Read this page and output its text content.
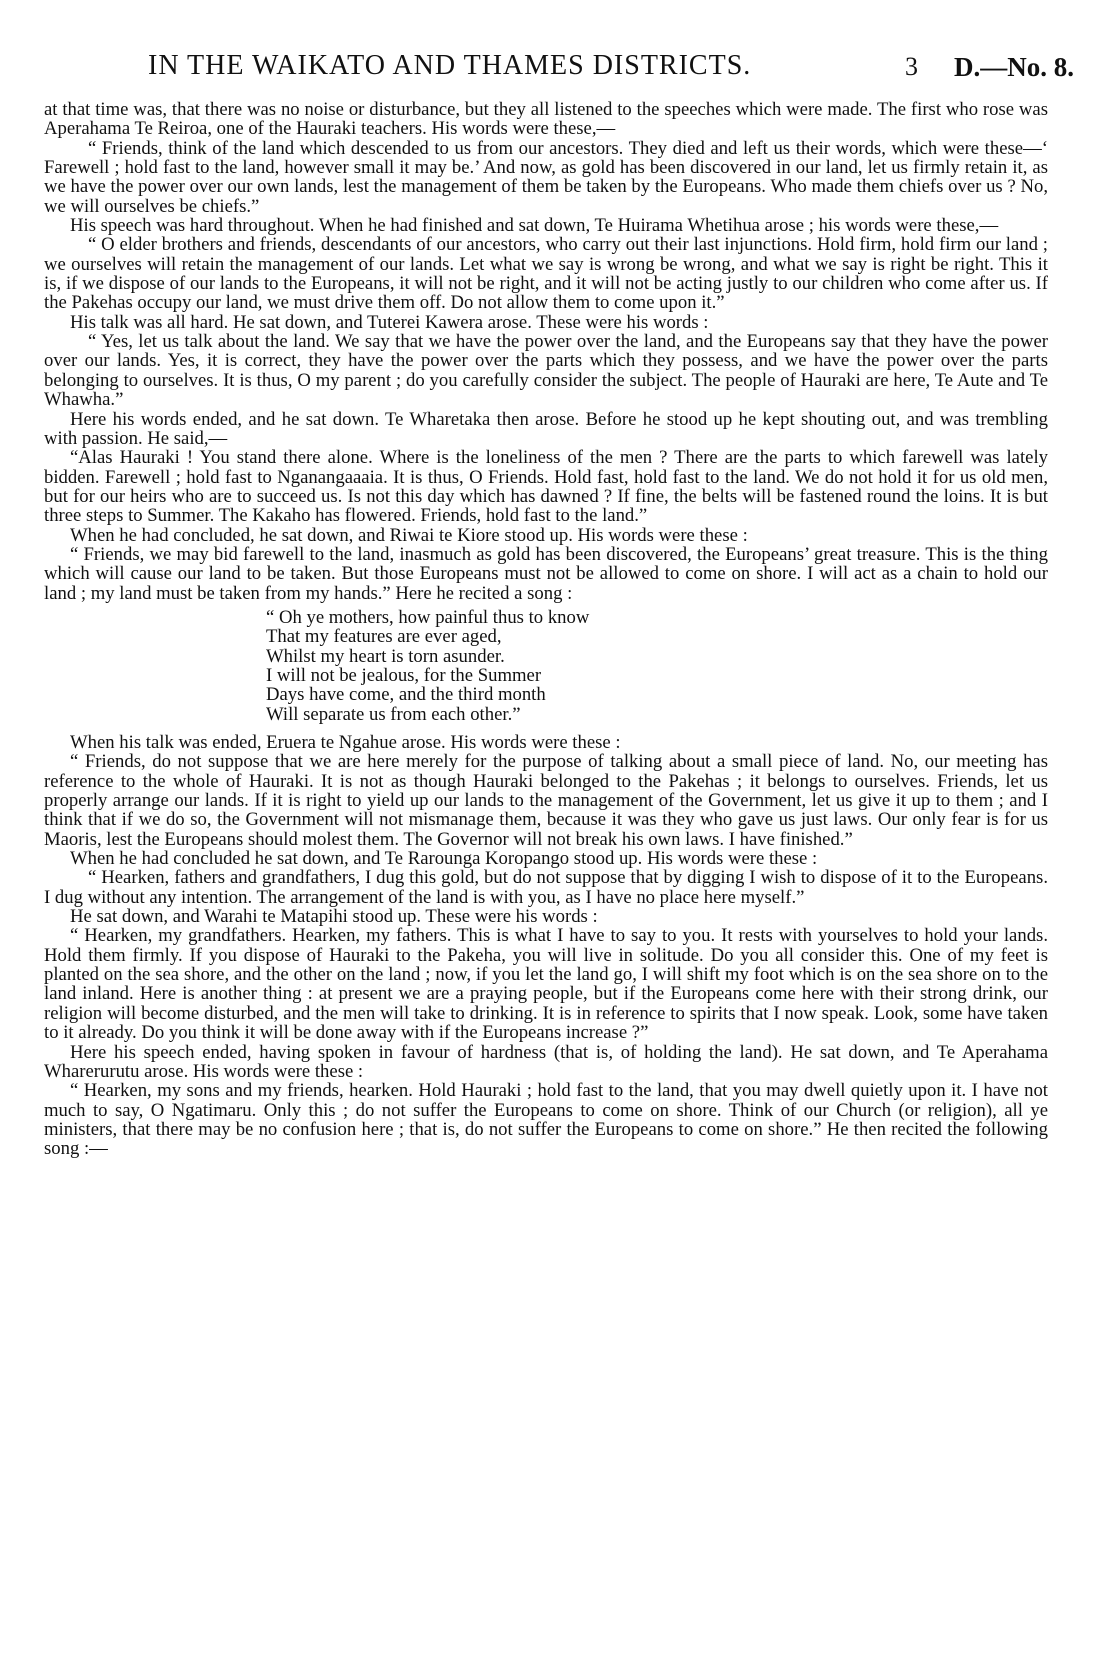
IN THE WAIKATO AND THAMES DISTRICTS.	3 D.—No. 8.

at that time was, that there was no noise or disturbance, but they all listened to the speeches which were made. The first who rose was Aperahama Te Reiroa, one of the Hauraki teachers. His words were these,—

“ Friends, think of the land which descended to us from our ancestors. They died and left us their words, which were these—‘ Farewell ; hold fast to the land, however small it may be.’ And now, as gold has been discovered in our land, let us firmly retain it, as we have the power over our own lands, lest the management of them be taken by the Europeans. Who made them chiefs over us ? No, we will ourselves be chiefs.”

His speech was hard throughout. When he had finished and sat down, Te Huirama Whetihua arose ; his words were these,—

“ O elder brothers and friends, descendants of our ancestors, who carry out their last injunctions. Hold firm, hold firm our land ; we ourselves will retain the management of our lands. Let what we say is wrong be wrong, and what we say is right be right. This it is, if we dispose of our lands to the Europeans, it will not be right, and it will not be acting justly to our children who come after us. If the Pakehas occupy our land, we must drive them off. Do not allow them to come upon it.”

His talk was all hard. He sat down, and Tuterei Kawera arose. These were his words :

“ Yes, let us talk about the land. We say that we have the power over the land, and the Europeans say that they have the power over our lands. Yes, it is correct, they have the power over the parts which they possess, and we have the power over the parts belonging to ourselves. It is thus, O my parent ; do you carefully consider the subject. The people of Hauraki are here, Te Aute and Te Whawha.”

Here his words ended, and he sat down. Te Wharetaka then arose. Before he stood up he kept shouting out, and was trembling with passion. He said,—

“Alas Hauraki ! You stand there alone. Where is the loneliness of the men ? There are the parts to which farewell was lately bidden. Farewell ; hold fast to Nganangaaaia. It is thus, O Friends. Hold fast, hold fast to the land. We do not hold it for us old men, but for our heirs who are to succeed us. Is not this day which has dawned ? If fine, the belts will be fastened round the loins. It is but three steps to Summer. The Kakaho has flowered. Friends, hold fast to the land.”

When he had concluded, he sat down, and Riwai te Kiore stood up. His words were these :

“ Friends, we may bid farewell to the land, inasmuch as gold has been discovered, the Europeans’ great treasure. This is the thing which will cause our land to be taken. But those Europeans must not be allowed to come on shore. I will act as a chain to hold our land ; my land must be taken from my hands.” Here he recited a song :

“ Oh ye mothers, how painful thus to know
That my features are ever aged,
Whilst my heart is torn asunder.
I will not be jealous, for the Summer
Days have come, and the third month
Will separate us from each other.”

When his talk was ended, Eruera te Ngahue arose. His words were these :

“ Friends, do not suppose that we are here merely for the purpose of talking about a small piece of land. No, our meeting has reference to the whole of Hauraki. It is not as though Hauraki belonged to the Pakehas ; it belongs to ourselves. Friends, let us properly arrange our lands. If it is right to yield up our lands to the management of the Government, let us give it up to them ; and I think that if we do so, the Government will not mismanage them, because it was they who gave us just laws. Our only fear is for us Maoris, lest the Europeans should molest them. The Governor will not break his own laws. I have finished.”

When he had concluded he sat down, and Te Rarounga Koropango stood up. His words were these :

“ Hearken, fathers and grandfathers, I dug this gold, but do not suppose that by digging I wish to dispose of it to the Europeans. I dug without any intention. The arrangement of the land is with you, as I have no place here myself.”

He sat down, and Warahi te Matapihi stood up. These were his words :

“ Hearken, my grandfathers. Hearken, my fathers. This is what I have to say to you. It rests with yourselves to hold your lands. Hold them firmly. If you dispose of Hauraki to the Pakeha, you will live in solitude. Do you all consider this. One of my feet is planted on the sea shore, and the other on the land ; now, if you let the land go, I will shift my foot which is on the sea shore on to the land inland. Here is another thing : at present we are a praying people, but if the Europeans come here with their strong drink, our religion will become disturbed, and the men will take to drinking. It is in reference to spirits that I now speak. Look, some have taken to it already. Do you think it will be done away with if the Europeans increase ?”

Here his speech ended, having spoken in favour of hardness (that is, of holding the land). He sat down, and Te Aperahama Wharerurutu arose. His words were these :

“ Hearken, my sons and my friends, hearken. Hold Hauraki ; hold fast to the land, that you may dwell quietly upon it. I have not much to say, O Ngatimaru. Only this ; do not suffer the Europeans to come on shore. Think of our Church (or religion), all ye ministers, that there may be no confusion here ; that is, do not suffer the Europeans to come on shore.” He then recited the following song :—
